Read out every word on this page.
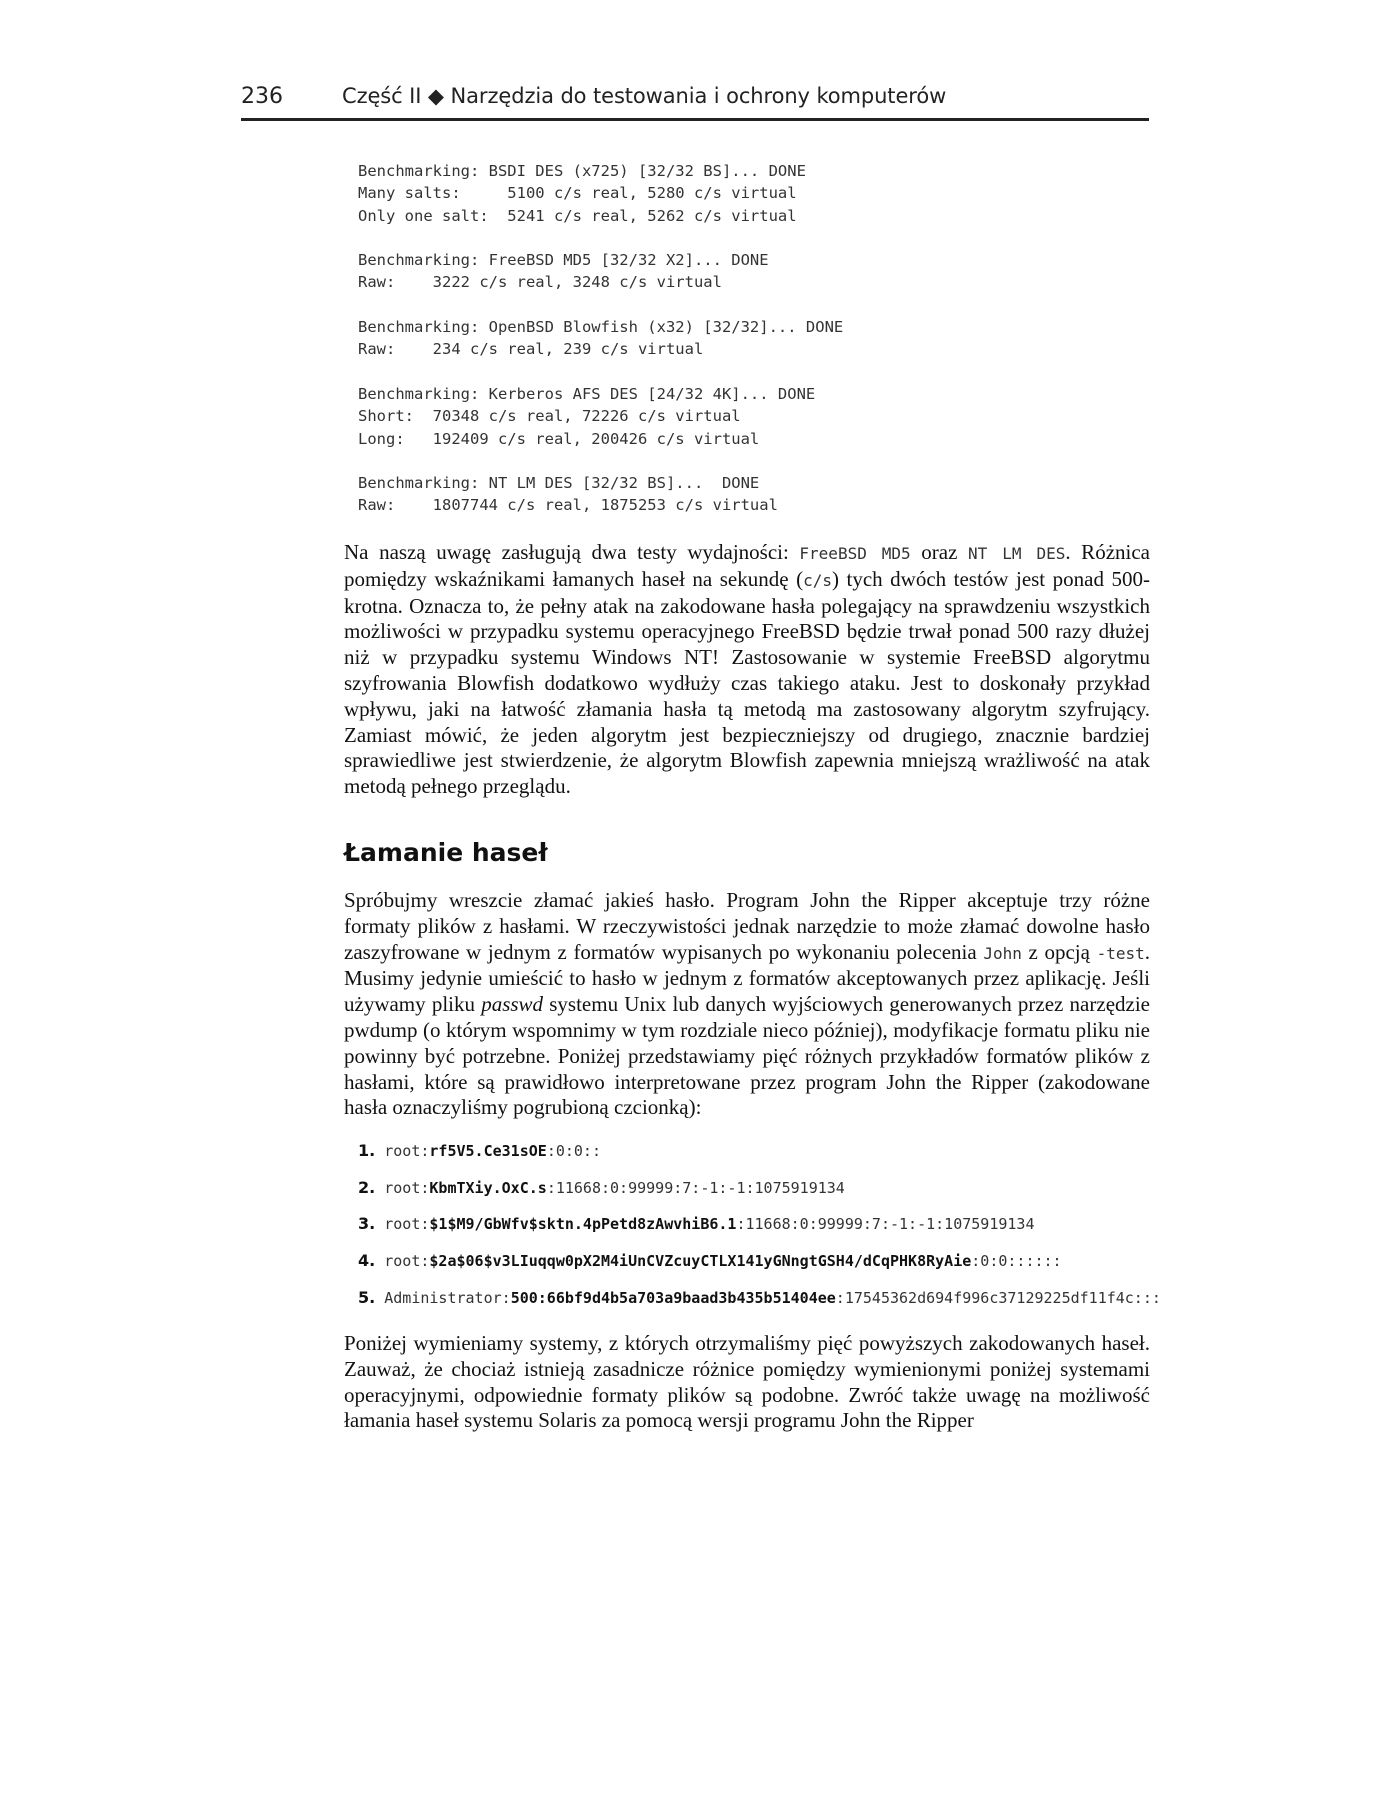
236	Część II ◆ Narzędzia do testowania i ochrony komputerów
Benchmarking: BSDI DES (x725) [32/32 BS]... DONE
Many salts:     5100 c/s real, 5280 c/s virtual
Only one salt:  5241 c/s real, 5262 c/s virtual

Benchmarking: FreeBSD MD5 [32/32 X2]... DONE
Raw:    3222 c/s real, 3248 c/s virtual

Benchmarking: OpenBSD Blowfish (x32) [32/32]... DONE
Raw:    234 c/s real, 239 c/s virtual

Benchmarking: Kerberos AFS DES [24/32 4K]... DONE
Short:  70348 c/s real, 72226 c/s virtual
Long:   192409 c/s real, 200426 c/s virtual

Benchmarking: NT LM DES [32/32 BS]...  DONE
Raw:    1807744 c/s real, 1875253 c/s virtual

Na naszą uwagę zasługują dwa testy wydajności: FreeBSD MD5 oraz NT LM DES. Różnica pomiędzy wskaźnikami łamanych haseł na sekundę (c/s) tych dwóch testów jest ponad 500-krotna. Oznacza to, że pełny atak na zakodowane hasła polegający na sprawdzeniu wszystkich możliwości w przypadku systemu operacyjnego FreeBSD będzie trwał ponad 500 razy dłużej niż w przypadku systemu Windows NT! Zastosowanie w systemie FreeBSD algorytmu szyfrowania Blowfish dodatkowo wydłuży czas takiego ataku. Jest to doskonały przykład wpływu, jaki na łatwość złamania hasła tą metodą ma zastosowany algorytm szyfrujący. Zamiast mówić, że jeden algorytm jest bezpieczniejszy od drugiego, znacznie bardziej sprawiedliwe jest stwierdzenie, że algorytm Blowfish zapewnia mniejszą wrażliwość na atak metodą pełnego przeglądu.

Łamanie haseł

Spróbujmy wreszcie złamać jakieś hasło. Program John the Ripper akceptuje trzy różne formaty plików z hasłami. W rzeczywistości jednak narzędzie to może złamać dowolne hasło zaszyfrowane w jednym z formatów wypisanych po wykonaniu polecenia John z opcją -test. Musimy jedynie umieścić to hasło w jednym z formatów akceptowanych przez aplikację. Jeśli używamy pliku passwd systemu Unix lub danych wyjściowych generowanych przez narzędzie pwdump (o którym wspomnimy w tym rozdziale nieco później), modyfikacje formatu pliku nie powinny być potrzebne. Poniżej przedstawiamy pięć różnych przykładów formatów plików z hasłami, które są prawidłowo interpretowane przez program John the Ripper (zakodowane hasła oznaczyliśmy pogrubioną czcionką):

1. root:rf5V5.Ce31sOE:0:0::
2. root:KbmTXiy.OxC.s:11668:0:99999:7:-1:-1:1075919134
3. root:$1$M9/GbWfv$sktn.4pPetd8zAwvhiB6.1:11668:0:99999:7:-1:-1:1075919134
4. root:$2a$06$v3LIuqqw0pX2M4iUnCVZcuyCTLX141yGNngtGSH4/dCqPHK8RyAie:0:0::::::
5. Administrator:500:66bf9d4b5a703a9baad3b435b51404ee:17545362d694f996c37129225df11f4c:::

Poniżej wymieniamy systemy, z których otrzymaliśmy pięć powyższych zakodowanych haseł. Zauważ, że chociaż istnieją zasadnicze różnice pomiędzy wymienionymi poniżej systemami operacyjnymi, odpowiednie formaty plików są podobne. Zwróć także uwagę na możliwość łamania haseł systemu Solaris za pomocą wersji programu John the Ripper
